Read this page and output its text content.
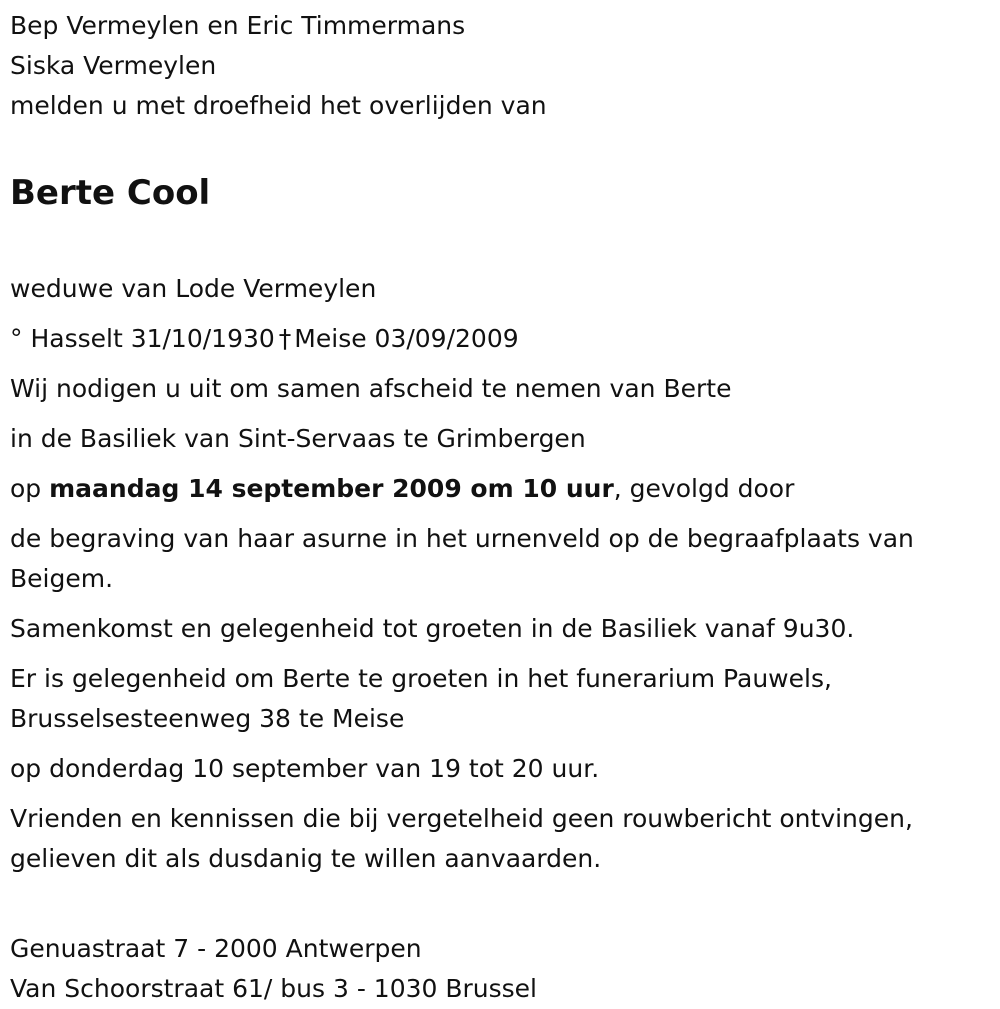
Bep Vermeylen en Eric Timmermans

Siska Vermeylen

melden u met droefheid het overlijden van

Berte Cool

weduwe van Lode Vermeylen

° Hasselt 31/10/1930 † Meise 03/09/2009

Wij nodigen u uit om samen afscheid te nemen van Berte

in de Basiliek van Sint-Servaas te Grimbergen

op maandag 14 september 2009 om 10 uur, gevolgd door

de begraving van haar asurne in het urnenveld op de begraafplaats van Beigem.

Samenkomst en gelegenheid tot groeten in de Basiliek vanaf 9u30.

Er is gelegenheid om Berte te groeten in het funerarium Pauwels, Brusselsesteenweg 38 te Meise

op donderdag 10 september van 19 tot 20 uur.

Vrienden en kennissen die bij vergetelheid geen rouwbericht ontvingen, gelieven dit als dusdanig te willen aanvaarden.

Genuastraat 7 - 2000 Antwerpen

Van Schoorstraat 61/ bus 3 - 1030 Brussel
